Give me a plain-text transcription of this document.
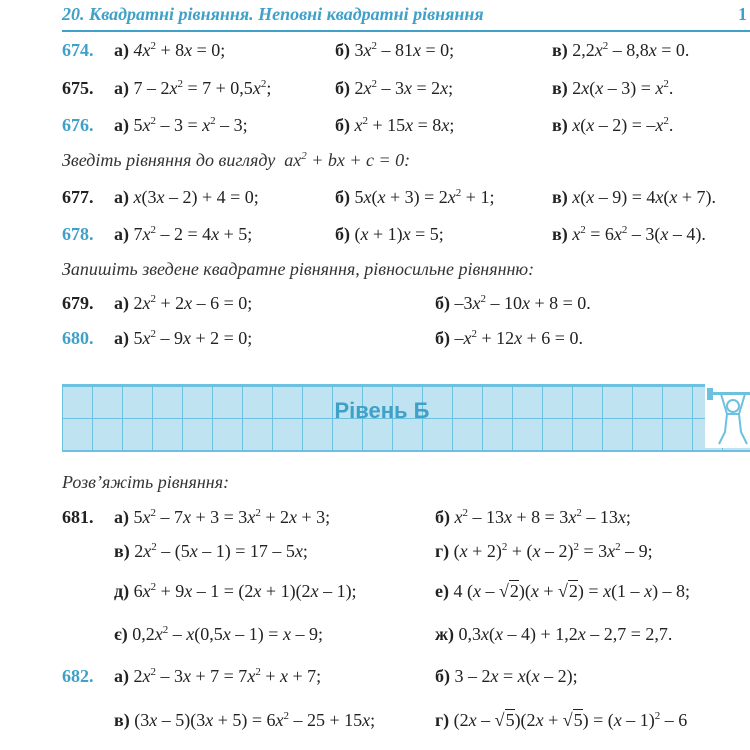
20. Квадратні рівняння. Неповні квадратні рівняння	1
674. а) $4x^2 + 8x = 0$;	б) $3x^2 - 81x = 0$;	в) $2,2x^2 - 8,8x = 0$.
675. а) $7 - 2x^2 = 7 + 0,5x^2$;	б) $2x^2 - 3x = 2x$;	в) $2x(x - 3) = x^2$.
676. а) $5x^2 - 3 = x^2 - 3$;	б) $x^2 + 15x = 8x$;	в) $x(x - 2) = -x^2$.
Зведіть рівняння до вигляду $ax^2$ + bx + c = 0:
677. а) x(3x – 2) + 4 = 0;	б) $5x(x + 3) = 2x^2 + 1$;	в) x(x – 9) = 4x(x + 7).
678. а) $7x^2 - 2 = 4x + 5$;	б) (x + 1)x = 5;	в) $x^2 = 6x^2 - 3(x - 4)$.
Запишіть зведене квадратне рівняння, рівносильне рівнянню:
679. а) $2x^2 + 2x - 6 = 0$;	б) $-3x^2 - 10x + 8 = 0$.
680. а) $5x^2 - 9x + 2 = 0$;	б) $-x^2 + 12x + 6 = 0$.
Рівень Б
Розв’яжіть рівняння:
681. а) $5x^2 - 7x + 3 = 3x^2 + 2x + 3$;	б) $x^2 - 13x + 8 = 3x^2 - 13x$;
в) $2x^2 - (5x - 1) = 17 - 5x$;	г) $(x + 2)^2 + (x - 2)^2 = 3x^2 - 9$;
д) $6x^2 + 9x - 1 = (2x + 1)(2x - 1)$;	е) 4 (x – √2)(x + √2) = x(1 – x) – 8;
є) $0,2x^2 - x(0,5x - 1) = x - 9$;	ж) 0,3x(x – 4) + 1,2x – 2,7 = 2,7.
682. а) $2x^2 - 3x + 7 = 7x^2 + x + 7$;	б) 3 – 2x = x(x – 2);
в) $(3x - 5)(3x + 5) = 6x^2 - 25 + 15x$;	г) (2x – √5)(2x + √5) = (x – 1)$^2$ – 6
